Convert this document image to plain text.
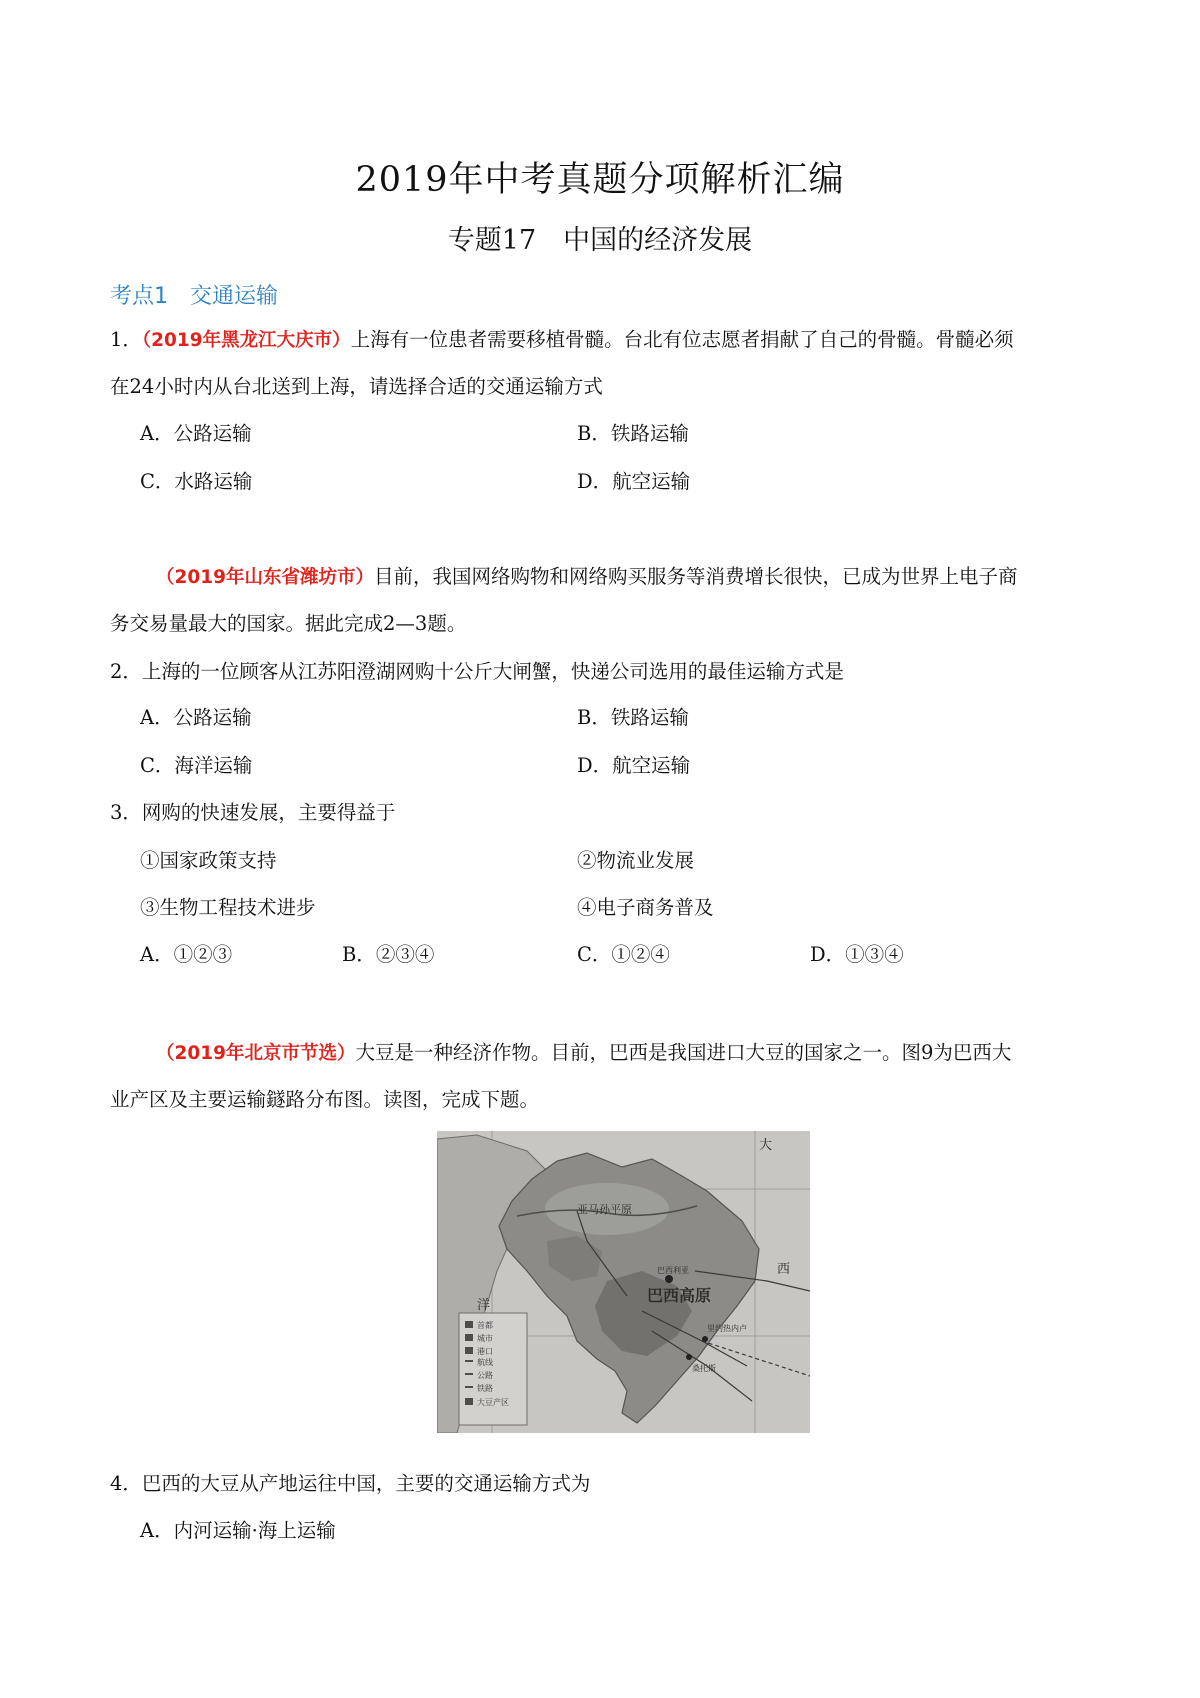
2019年中考真题分项解析汇编
专题17　中国的经济发展
考点1　交通运输
1．（2019年黑龙江大庆市）上海有一位患者需要移植骨髓。台北有位志愿者捐献了自己的骨髓。骨髓必须
在24小时内从台北送到上海，请选择合适的交通运输方式
A．公路运输	B．铁路运输
C．水路运输	D．航空运输
（2019年山东省潍坊市）目前，我国网络购物和网络购买服务等消费增长很快，已成为世界上电子商
务交易量最大的国家。据此完成2—3题。
2．上海的一位顾客从江苏阳澄湖网购十公斤大闸蟹，快递公司选用的最佳运输方式是
A．公路运输	B．铁路运输
C．海洋运输	D．航空运输
3．网购的快速发展，主要得益于
①国家政策支持	②物流业发展
③生物工程技术进步	④电子商务普及
A．①②③	B．②③④	C．①②④	D．①③④
（2019年北京市节选）大豆是一种经济作物。目前，巴西是我国进口大豆的国家之一。图9为巴西大
业产区及主要运输鐩路分布图。读图，完成下题。
首都
城市
港口
航线
公路
铁路
大豆产区
亚马孙平原
巴西高原
巴西利亚
里约热内卢
桑托斯
大
西
洋
4．巴西的大豆从产地运往中国，主要的交通运输方式为
A．内河运输·海上运输
